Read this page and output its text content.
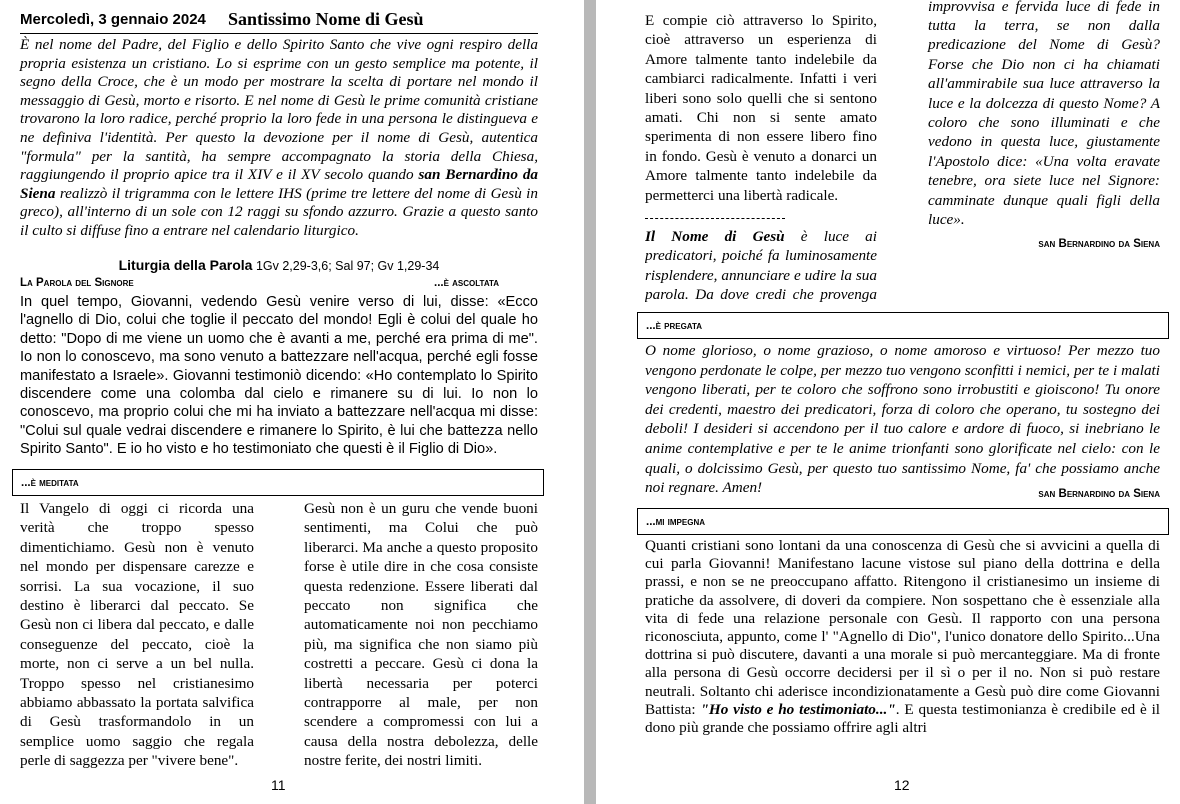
Mercoledì, 3 gennaio 2024 Santissimo Nome di Gesù

È nel nome del Padre, del Figlio e dello Spirito Santo che vive ogni respiro della propria esistenza un cristiano. Lo si esprime con un gesto semplice ma potente, il segno della Croce, che è un modo per mostrare la scelta di portare nel mondo il messaggio di Gesù, morto e risorto. E nel nome di Gesù le prime comunità cristiane trovarono la loro radice, perché proprio la loro fede in una persona le distingueva e ne definiva l'identità. Per questo la devozione per il nome di Gesù, autentica "formula" per la santità, ha sempre accompagnato la storia della Chiesa, raggiungendo il proprio apice tra il XIV e il XV secolo quando san Bernardino da Siena realizzò il trigramma con le lettere IHS (prime tre lettere del nome di Gesù in greco), all'interno di un sole con 12 raggi su sfondo azzurro. Grazie a questo santo il culto si diffuse fino a entrare nel calendario liturgico.

Liturgia della Parola 1Gv 2,29-3,6; Sal 97; Gv 1,29-34
La Parola del Signore	...è ascoltata

In quel tempo, Giovanni, vedendo Gesù venire verso di lui, disse: «Ecco l'agnello di Dio, colui che toglie il peccato del mondo! Egli è colui del quale ho detto: "Dopo di me viene un uomo che è avanti a me, perché era prima di me". Io non lo conoscevo, ma sono venuto a battezzare nell'acqua, perché egli fosse manifestato a Israele». Giovanni testimoniò dicendo: «Ho contemplato lo Spirito discendere come una colomba dal cielo e rimanere su di lui. Io non lo conoscevo, ma proprio colui che mi ha inviato a battezzare nell'acqua mi disse: "Colui sul quale vedrai discendere e rimanere lo Spirito, è lui che battezza nello Spirito Santo". E io ho visto e ho testimoniato che questi è il Figlio di Dio».

...è meditata

Il Vangelo di oggi ci ricorda una verità che troppo spesso dimentichiamo. Gesù non è venuto nel mondo per dispensare carezze e sorrisi. La sua vocazione, il suo destino è liberarci dal peccato. Se Gesù non ci libera dal peccato, e dalle conseguenze del peccato, cioè la morte, non ci serve a un bel nulla. Troppo spesso nel cristianesimo abbiamo abbassato la portata salvifica di Gesù trasformandolo in un semplice uomo saggio che regala perle di saggezza per "vivere bene".

Gesù non è un guru che vende buoni sentimenti, ma Colui che può liberarci. Ma anche a questo proposito forse è utile dire in che cosa consiste questa redenzione. Essere liberati dal peccato non significa che automaticamente noi non pecchiamo più, ma significa che non siamo più costretti a peccare. Gesù ci dona la libertà necessaria per poterci contrapporre al male, per non scendere a compromessi con lui a causa della nostra debolezza, delle nostre ferite, dei nostri limiti.

11

E compie ciò attraverso lo Spirito, cioè attraverso un esperienza di Amore talmente tanto indelebile da cambiarci radicalmente. Infatti i veri liberi sono solo quelli che si sentono amati. Chi non si sente amato sperimenta di non essere libero fino in fondo. Gesù è venuto a donarci un Amore talmente tanto indelebile da permetterci una libertà radicale.

Il Nome di Gesù è luce ai predicatori, poiché fa luminosamente risplendere, annunciare e udire la sua parola. Da dove credi che provenga

improvvisa e fervida luce di fede in tutta la terra, se non dalla predicazione del Nome di Gesù? Forse che Dio non ci ha chiamati all'ammirabile sua luce attraverso la luce e la dolcezza di questo Nome? A coloro che sono illuminati e che vedono in questa luce, giustamente l'Apostolo dice: «Una volta eravate tenebre, ora siete luce nel Signore: camminate dunque quali figli della luce».

san Bernardino da Siena
...è pregata

O nome glorioso, o nome grazioso, o nome amoroso e virtuoso! Per mezzo tuo vengono perdonate le colpe, per mezzo tuo vengono sconfitti i nemici, per te i malati vengono liberati, per te coloro che soffrono sono irrobustiti e gioiscono! Tu onore dei credenti, maestro dei predicatori, forza di coloro che operano, tu sostegno dei deboli! I desideri si accendono per il tuo calore e ardore di fuoco, si inebriano le anime contemplative e per te le anime trionfanti sono glorificate nel cielo: con le quali, o dolcissimo Gesù, per questo tuo santissimo Nome, fa' che possiamo anche noi regnare. Amen!	san Bernardino da Siena
...mi impegna

Quanti cristiani sono lontani da una conoscenza di Gesù che si avvicini a quella di cui parla Giovanni! Manifestano lacune vistose sul piano della dottrina e della prassi, e non se ne preoccupano affatto. Ritengono il cristianesimo un insieme di pratiche da assolvere, di doveri da compiere. Non sospettano che è essenziale alla vita di fede una relazione personale con Gesù. Il rapporto con una persona riconosciuta, appunto, come l' "Agnello di Dio", l'unico donatore dello Spirito...Una dottrina si può discutere, davanti a una morale si può mercanteggiare. Ma di fronte alla persona di Gesù occorre decidersi per il sì o per il no. Non si può restare neutrali. Soltanto chi aderisce incondizionatamente a Gesù può dire come Giovanni Battista: "Ho visto e ho testimoniato...". E questa testimonianza è credibile ed è il dono più grande che possiamo offrire agli altri

12
